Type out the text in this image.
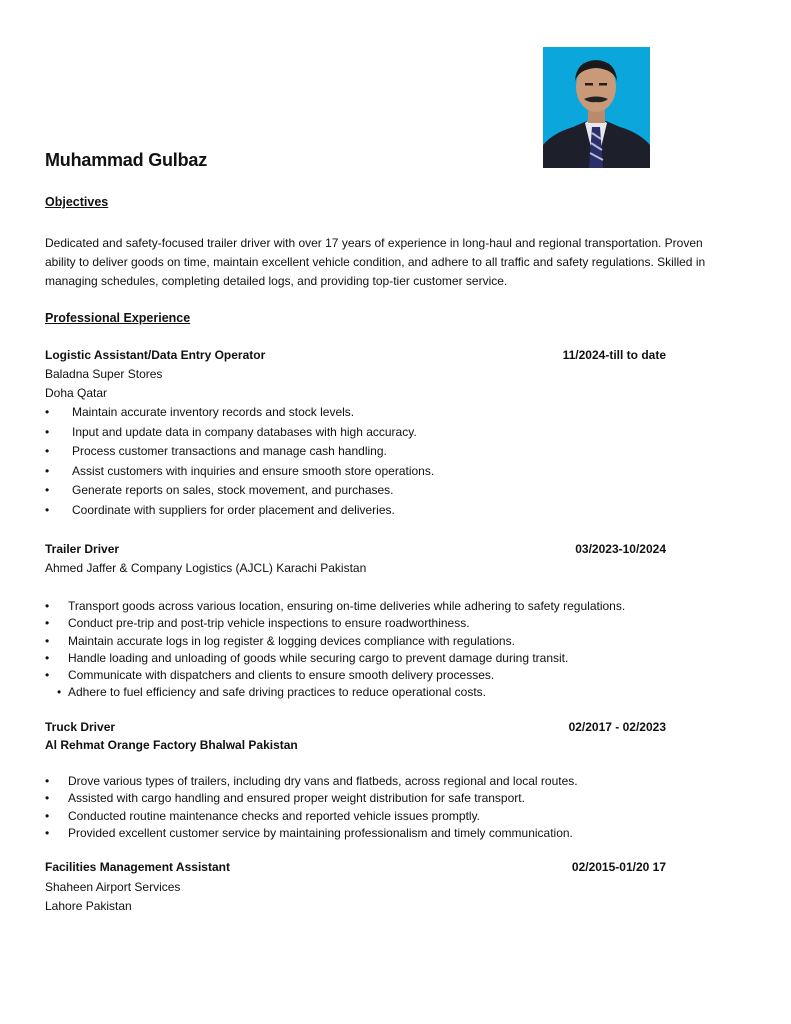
Muhammad Gulbaz
Objectives
Dedicated and safety-focused trailer driver with over 17 years of experience in long-haul and regional transportation. Proven ability to deliver goods on time, maintain excellent vehicle condition, and adhere to all traffic and safety regulations. Skilled in managing schedules, completing detailed logs, and providing top-tier customer service.
Professional Experience
Logistic Assistant/Data Entry Operator	11/2024-till to date
Baladna Super Stores
Doha Qatar
• Maintain accurate inventory records and stock levels.
• Input and update data in company databases with high accuracy.
• Process customer transactions and manage cash handling.
• Assist customers with inquiries and ensure smooth store operations.
• Generate reports on sales, stock movement, and purchases.
• Coordinate with suppliers for order placement and deliveries.
Trailer Driver	03/2023-10/2024
Ahmed Jaffer & Company Logistics (AJCL) Karachi Pakistan
• Transport goods across various location, ensuring on-time deliveries while adhering to safety regulations.
• Conduct pre-trip and post-trip vehicle inspections to ensure roadworthiness.
• Maintain accurate logs in log register & logging devices compliance with regulations.
• Handle loading and unloading of goods while securing cargo to prevent damage during transit.
• Communicate with dispatchers and clients to ensure smooth delivery processes.
• Adhere to fuel efficiency and safe driving practices to reduce operational costs.
Truck Driver	02/2017 - 02/2023
Al Rehmat Orange Factory Bhalwal Pakistan
• Drove various types of trailers, including dry vans and flatbeds, across regional and local routes.
• Assisted with cargo handling and ensured proper weight distribution for safe transport.
• Conducted routine maintenance checks and reported vehicle issues promptly.
• Provided excellent customer service by maintaining professionalism and timely communication.
Facilities Management Assistant	02/2015-01/20 17
Shaheen Airport Services
Lahore Pakistan
